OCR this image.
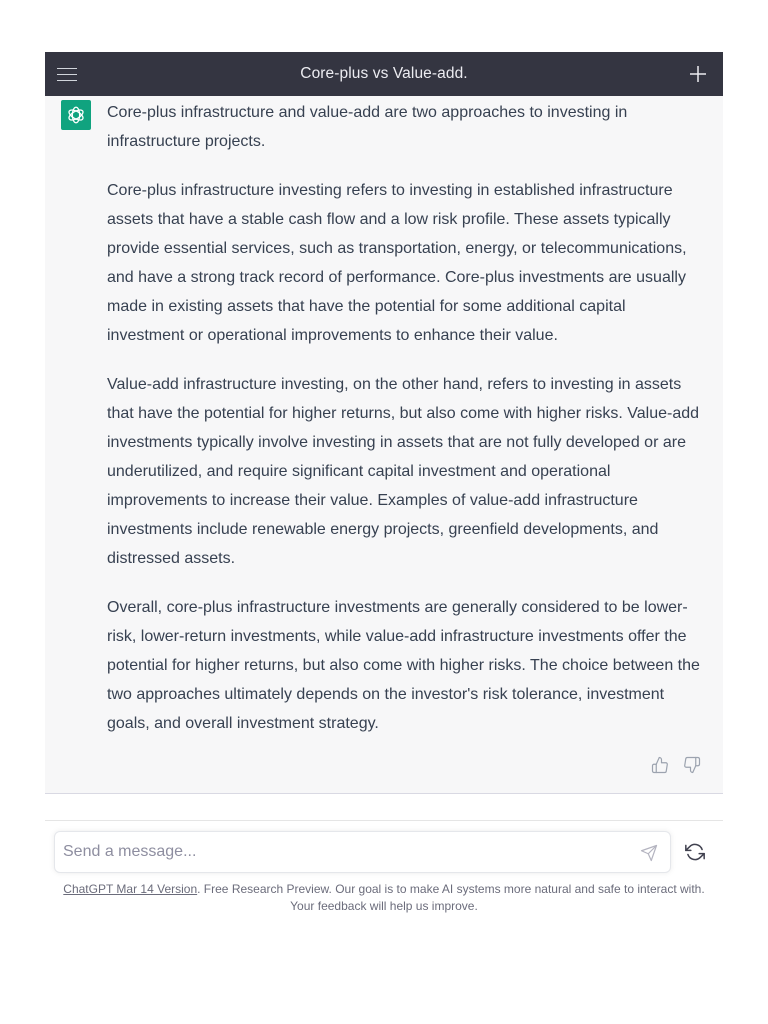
Core-plus vs Value-add.

Core-plus infrastructure and value-add are two approaches to investing in infrastructure projects.

Core-plus infrastructure investing refers to investing in established infrastructure assets that have a stable cash flow and a low risk profile. These assets typically provide essential services, such as transportation, energy, or telecommunications, and have a strong track record of performance. Core-plus investments are usually made in existing assets that have the potential for some additional capital investment or operational improvements to enhance their value.

Value-add infrastructure investing, on the other hand, refers to investing in assets that have the potential for higher returns, but also come with higher risks. Value-add investments typically involve investing in assets that are not fully developed or are underutilized, and require significant capital investment and operational improvements to increase their value. Examples of value-add infrastructure investments include renewable energy projects, greenfield developments, and distressed assets.

Overall, core-plus infrastructure investments are generally considered to be lower-risk, lower-return investments, while value-add infrastructure investments offer the potential for higher returns, but also come with higher risks. The choice between the two approaches ultimately depends on the investor's risk tolerance, investment goals, and overall investment strategy.

Send a message...
ChatGPT Mar 14 Version. Free Research Preview. Our goal is to make AI systems more natural and safe to interact with. Your feedback will help us improve.
